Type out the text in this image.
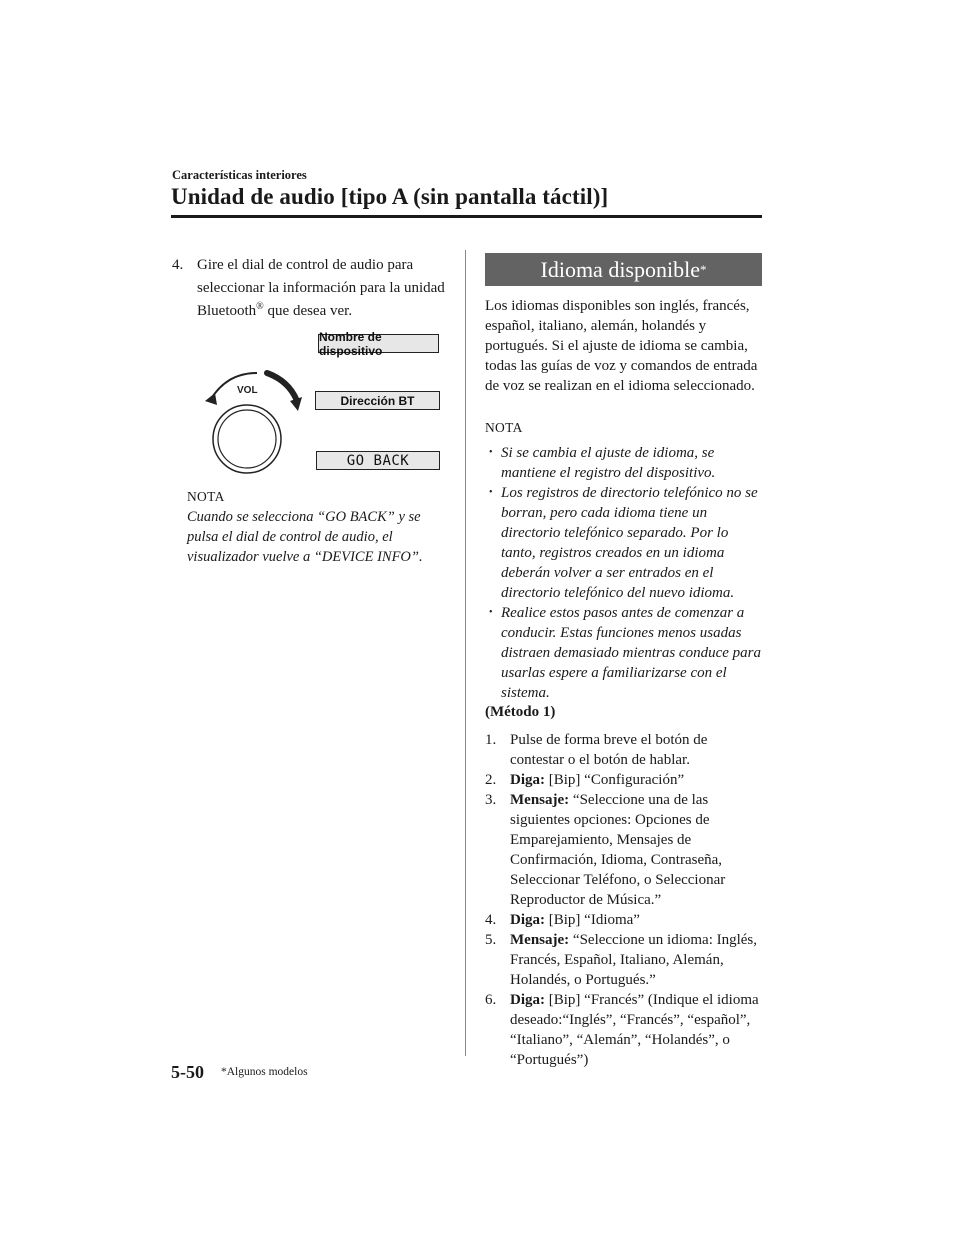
Características interiores
Unidad de audio [tipo A (sin pantalla táctil)]
4. Gire el dial de control de audio para seleccionar la información para la unidad Bluetooth® que desea ver.
Nombre de dispositivo
Dirección BT
GO BACK
VOL
NOTA
Cuando se selecciona “GO BACK” y se pulsa el dial de control de audio, el visualizador vuelve a “DEVICE INFO”.
Idioma disponible *
Los idiomas disponibles son inglés, francés, español, italiano, alemán, holandés y portugués. Si el ajuste de idioma se cambia, todas las guías de voz y comandos de entrada de voz se realizan en el idioma seleccionado.
NOTA
• Si se cambia el ajuste de idioma, se mantiene el registro del dispositivo.
• Los registros de directorio telefónico no se borran, pero cada idioma tiene un directorio telefónico separado. Por lo tanto, registros creados en un idioma deberán volver a ser entrados en el directorio telefónico del nuevo idioma.
• Realice estos pasos antes de comenzar a conducir. Estas funciones menos usadas distraen demasiado mientras conduce para usarlas espere a familiarizarse con el sistema.
(Método 1)
1. Pulse de forma breve el botón de contestar o el botón de hablar.
2. Diga: [Bip] “Configuración”
3. Mensaje: “Seleccione una de las siguientes opciones: Opciones de Emparejamiento, Mensajes de Confirmación, Idioma, Contraseña, Seleccionar Teléfono, o Seleccionar Reproductor de Música.”
4. Diga: [Bip] “Idioma”
5. Mensaje: “Seleccione un idioma: Inglés, Francés, Español, Italiano, Alemán, Holandés, o Portugués.”
6. Diga: [Bip] “Francés” (Indique el idioma deseado:“Inglés”, “Francés”, “español”, “Italiano”, “Alemán”, “Holandés”, o “Portugués”)
5-50 *Algunos modelos
